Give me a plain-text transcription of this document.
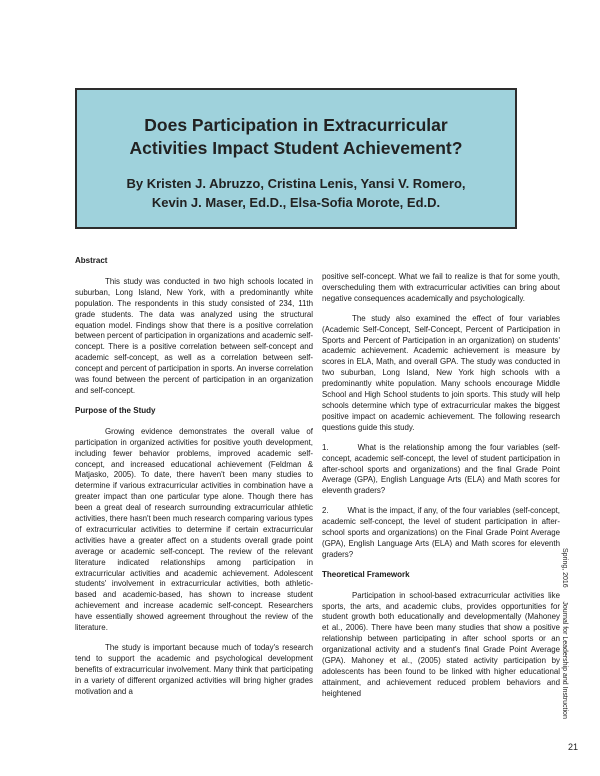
Does Participation in Extracurricular
Activities Impact Student Achievement?
By Kristen J. Abruzzo, Cristina Lenis, Yansi V. Romero,
Kevin J. Maser, Ed.D., Elsa-Sofia Morote, Ed.D.
Abstract

This study was conducted in two high schools located in suburban, Long Island, New York, with a predominantly white population. The respondents in this study consisted of 234, 11th grade students. The data was analyzed using the structural equation model. Findings show that there is a positive correlation between percent of participation in organizations and academic self-concept. There is a positive correlation between self-concept and academic self-concept, as well as a correlation between self-concept and percent of participation in sports. An inverse correlation was found between the percent of participation in an organization and self-concept.

Purpose of the Study

Growing evidence demonstrates the overall value of participation in organized activities for positive youth development, including fewer behavior problems, improved academic self-concept, and increased educational achievement (Feldman & Matjasko, 2005). To date, there haven't been many studies to determine if various extracurricular activities in combination have a greater impact than one particular type alone. Though there has been a great deal of research surrounding extracurricular athletic activities, there hasn't been much research comparing various types of extracurricular activities to determine if certain extracurricular activities have a greater affect on a students overall grade point average or academic self-concept. The review of the relevant literature indicated relationships among participation in extracurricular activities and academic achievement. Adolescent students' involvement in extracurricular activities, both athletic-based and academic-based, has shown to increase student achievement and increase academic self-concept. Researchers have essentially showed agreement throughout the review of the literature.

The study is important because much of today's research tend to support the academic and psychological development benefits of extracurricular involvement. Many think that participating in a variety of different organized activities will bring higher grades motivation and a

positive self-concept. What we fail to realize is that for some youth, overscheduling them with extracurricular activities can bring about negative consequences academically and psychologically.

The study also examined the effect of four variables (Academic Self-Concept, Self-Concept, Percent of Participation in Sports and Percent of Participation in an organization) on students' academic achievement. Academic achievement is measure by scores in ELA, Math, and overall GPA. The study was conducted in two suburban, Long Island, New York high schools with a predominantly white population. Many schools encourage Middle School and High School students to join sports. This study will help schools determine which type of extracurricular makes the biggest positive impact on academic achievement. The following research questions guide this study.

1.        What is the relationship among the four variables (self-concept, academic self-concept, the level of student participation in after-school sports and organizations) and the final Grade Point Average (GPA), English Language Arts (ELA) and Math scores for eleventh graders?

2.        What is the impact, if any, of the four variables (self-concept, academic self-concept, the level of student participation in after-school sports and organizations) on the Final Grade Point Average (GPA), English Language Arts (ELA) and Math scores for eleventh graders?

Theoretical Framework

Participation in school-based extracurricular activities like sports, the arts, and academic clubs, provides opportunities for student growth both educationally and developmentally (Mahoney et al., 2006). There have been many studies that show a positive relationship between participating in after school sports or an organizational activity and a student's final Grade Point Average (GPA). Mahoney et al., (2005) stated activity participation by adolescents has been found to be linked with higher educational attainment, and achievement reduced problem behaviors and heightened

Spring, 2016       Journal for Leadership and Instruction
21
